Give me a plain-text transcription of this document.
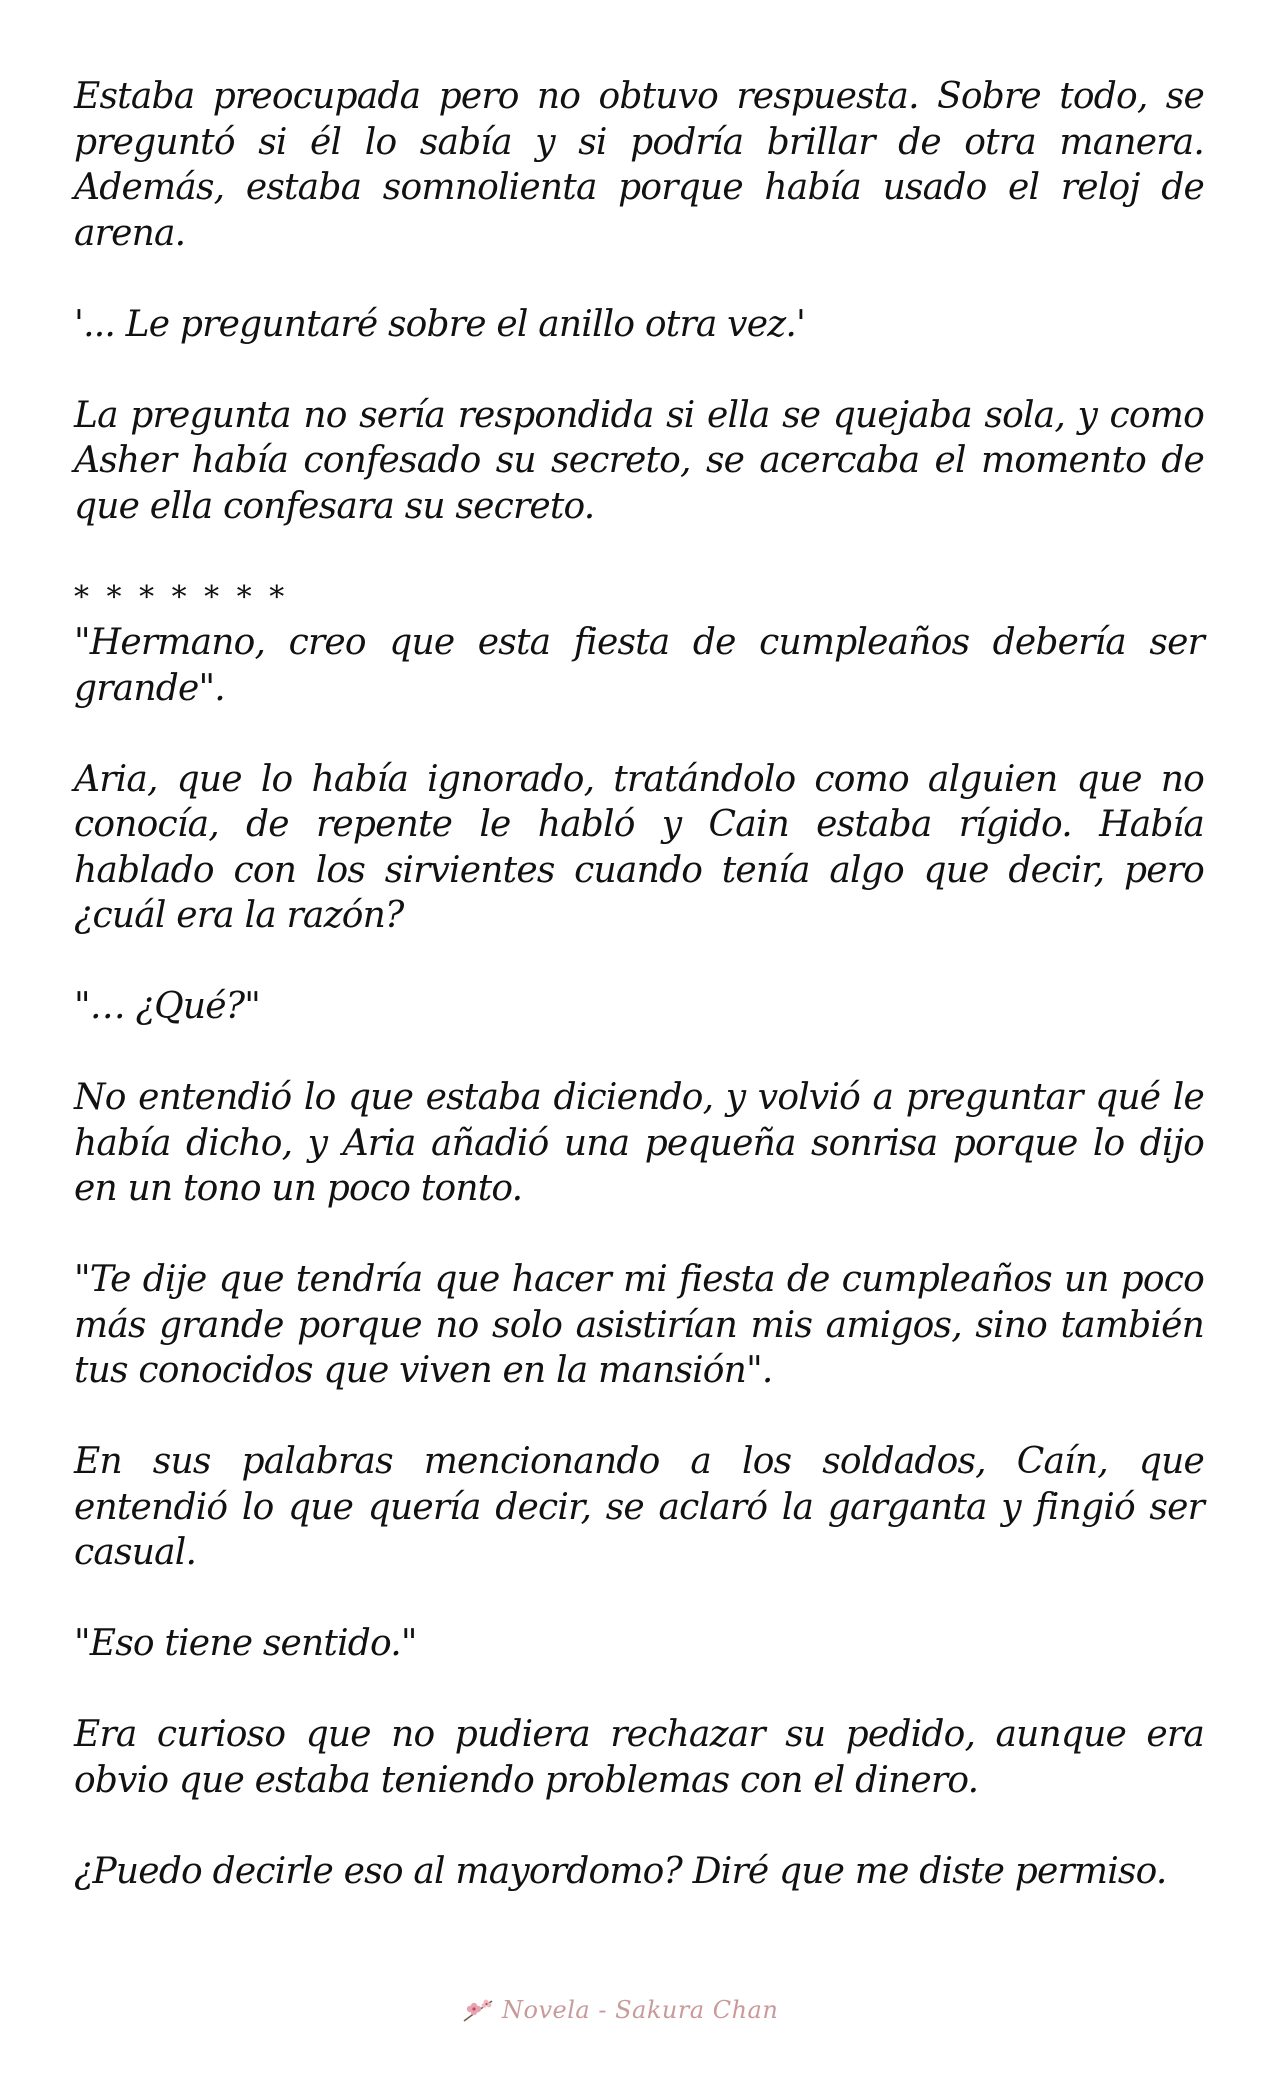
Estaba preocupada pero no obtuvo respuesta. Sobre todo, se preguntó si él lo sabía y si podría brillar de otra manera. Además, estaba somnolienta porque había usado el reloj de arena.

'... Le preguntaré sobre el anillo otra vez.'

La pregunta no sería respondida si ella se quejaba sola, y como Asher había confesado su secreto, se acercaba el momento de que ella confesara su secreto.

* * * * * * *

"Hermano, creo que esta fiesta de cumpleaños debería ser grande".

Aria, que lo había ignorado, tratándolo como alguien que no conocía, de repente le habló y Cain estaba rígido. Había hablado con los sirvientes cuando tenía algo que decir, pero ¿cuál era la razón?

"… ¿Qué?"

No entendió lo que estaba diciendo, y volvió a preguntar qué le había dicho, y Aria añadió una pequeña sonrisa porque lo dijo en un tono un poco tonto.

"Te dije que tendría que hacer mi fiesta de cumpleaños un poco más grande porque no solo asistirían mis amigos, sino también tus conocidos que viven en la mansión".

En sus palabras mencionando a los soldados, Caín, que entendió lo que quería decir, se aclaró la garganta y fingió ser casual.

"Eso tiene sentido."

Era curioso que no pudiera rechazar su pedido, aunque era obvio que estaba teniendo problemas con el dinero.

¿Puedo decirle eso al mayordomo? Diré que me diste permiso.

Novela - Sakura Chan
